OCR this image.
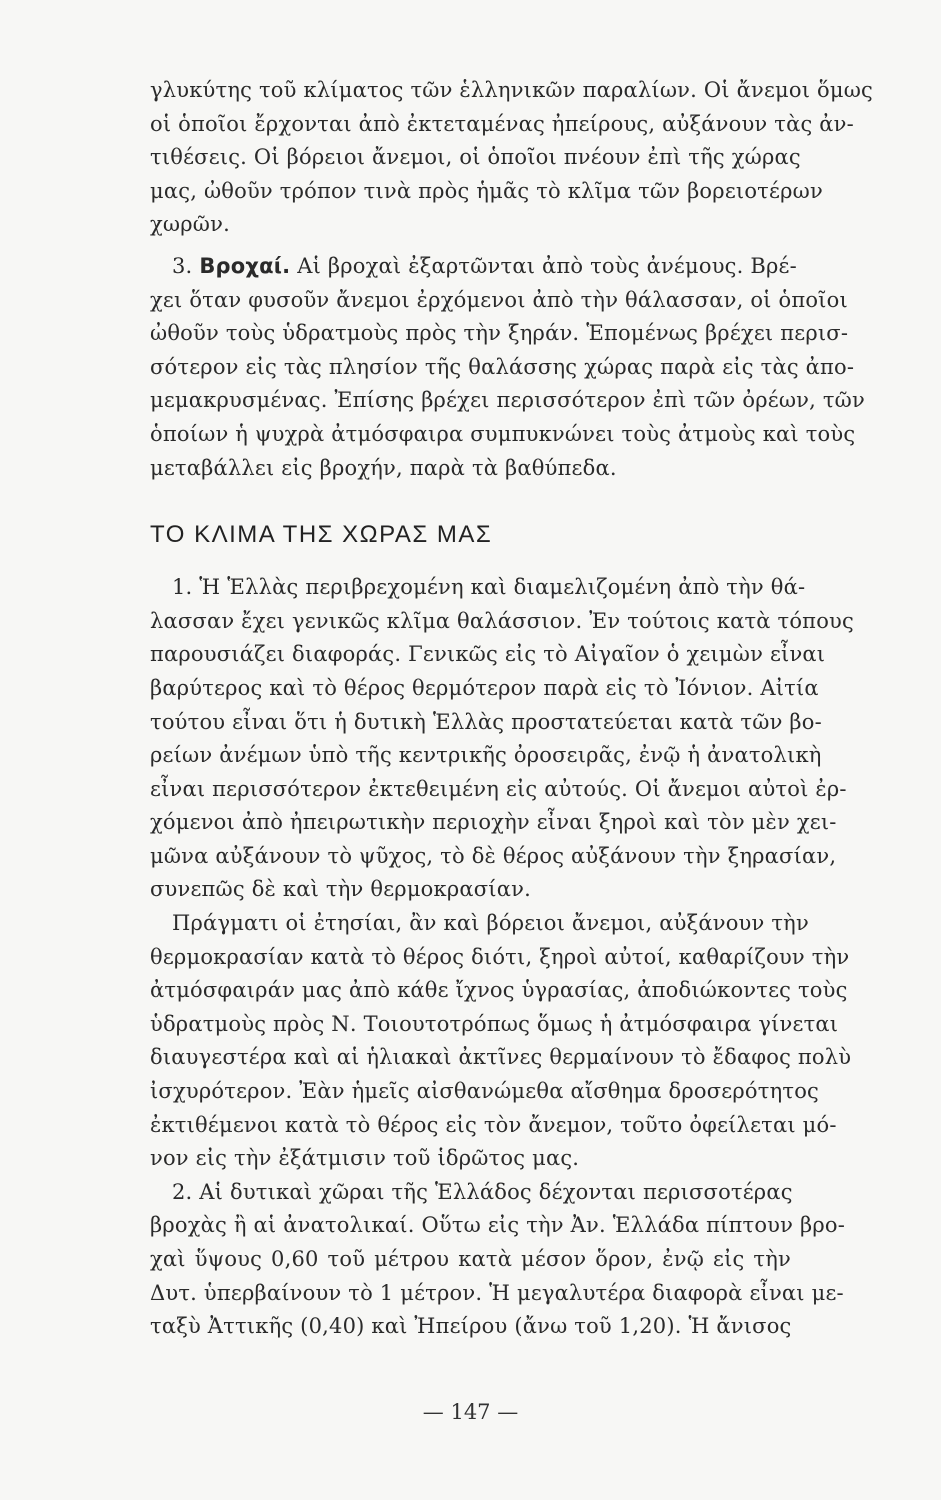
γλυκύτης τοῦ κλίματος τῶν ἑλληνικῶν παραλίων. Οἱ ἄνεμοι ὅμως
οἱ ὁποῖοι ἔρχονται ἀπὸ ἐκτεταμένας ἠπείρους, αὐξάνουν τὰς ἀν-
τιθέσεις. Οἱ βόρειοι ἄνεμοι, οἱ ὁποῖοι πνέουν ἐπὶ τῆς χώρας
μας, ὠθοῦν τρόπον τινὰ πρὸς ἡμᾶς τὸ κλῖμα τῶν βορειοτέρων
χωρῶν.
3. Βροχαί. Αἱ βροχαὶ ἐξαρτῶνται ἀπὸ τοὺς ἀνέμους. Βρέ-
χει ὅταν φυσοῦν ἄνεμοι ἐρχόμενοι ἀπὸ τὴν θάλασσαν, οἱ ὁποῖοι
ὠθοῦν τοὺς ὑδρατμοὺς πρὸς τὴν ξηράν. Ἑπομένως βρέχει περισ-
σότερον εἰς τὰς πλησίον τῆς θαλάσσης χώρας παρὰ εἰς τὰς ἀπο-
μεμακρυσμένας. Ἐπίσης βρέχει περισσότερον ἐπὶ τῶν ὀρέων, τῶν
ὁποίων ἡ ψυχρὰ ἀτμόσφαιρα συμπυκνώνει τοὺς ἀτμοὺς καὶ τοὺς
μεταβάλλει εἰς βροχήν, παρὰ τὰ βαθύπεδα.
ΤΟ ΚΛΙΜΑ ΤΗΣ ΧΩΡΑΣ ΜΑΣ
1. Ἡ Ἑλλὰς περιβρεχομένη καὶ διαμελιζομένη ἀπὸ τὴν θά-
λασσαν ἔχει γενικῶς κλῖμα θαλάσσιον. Ἐν τούτοις κατὰ τόπους
παρουσιάζει διαφοράς. Γενικῶς εἰς τὸ Αἰγαῖον ὁ χειμὼν εἶναι
βαρύτερος καὶ τὸ θέρος θερμότερον παρὰ εἰς τὸ Ἰόνιον. Αἰτία
τούτου εἶναι ὅτι ἡ δυτικὴ Ἑλλὰς προστατεύεται κατὰ τῶν βο-
ρείων ἀνέμων ὑπὸ τῆς κεντρικῆς ὀροσειρᾶς, ἐνῷ ἡ ἀνατολικὴ
εἶναι περισσότερον ἐκτεθειμένη εἰς αὐτούς. Οἱ ἄνεμοι αὐτοὶ ἐρ-
χόμενοι ἀπὸ ἠπειρωτικὴν περιοχὴν εἶναι ξηροὶ καὶ τὸν μὲν χει-
μῶνα αὐξάνουν τὸ ψῦχος, τὸ δὲ θέρος αὐξάνουν τὴν ξηρασίαν,
συνεπῶς δὲ καὶ τὴν θερμοκρασίαν.
Πράγματι οἱ ἐτησίαι, ἂν καὶ βόρειοι ἄνεμοι, αὐξάνουν τὴν
θερμοκρασίαν κατὰ τὸ θέρος διότι, ξηροὶ αὐτοί, καθαρίζουν τὴν
ἀτμόσφαιράν μας ἀπὸ κάθε ἴχνος ὑγρασίας, ἀποδιώκοντες τοὺς
ὑδρατμοὺς πρὸς Ν. Τοιουτοτρόπως ὅμως ἡ ἀτμόσφαιρα γίνεται
διαυγεστέρα καὶ αἱ ἡλιακαὶ ἀκτῖνες θερμαίνουν τὸ ἔδαφος πολὺ
ἰσχυρότερον. Ἐὰν ἡμεῖς αἰσθανώμεθα αἴσθημα δροσερότητος
ἐκτιθέμενοι κατὰ τὸ θέρος εἰς τὸν ἄνεμον, τοῦτο ὀφείλεται μό-
νον εἰς τὴν ἐξάτμισιν τοῦ ἱδρῶτος μας.
2. Αἱ δυτικαὶ χῶραι τῆς Ἑλλάδος δέχονται περισσοτέρας
βροχὰς ἢ αἱ ἀνατολικαί. Οὕτω εἰς τὴν Ἀν. Ἑλλάδα πίπτουν βρο-
χαὶ ὕψους 0,60 τοῦ μέτρου κατὰ μέσον ὅρον, ἐνῷ εἰς τὴν
Δυτ. ὑπερβαίνουν τὸ 1 μέτρον. Ἡ μεγαλυτέρα διαφορὰ εἶναι με-
ταξὺ Ἀττικῆς (0,40) καὶ Ἠπείρου (ἄνω τοῦ 1,20). Ἡ ἄνισος
— 147 —
